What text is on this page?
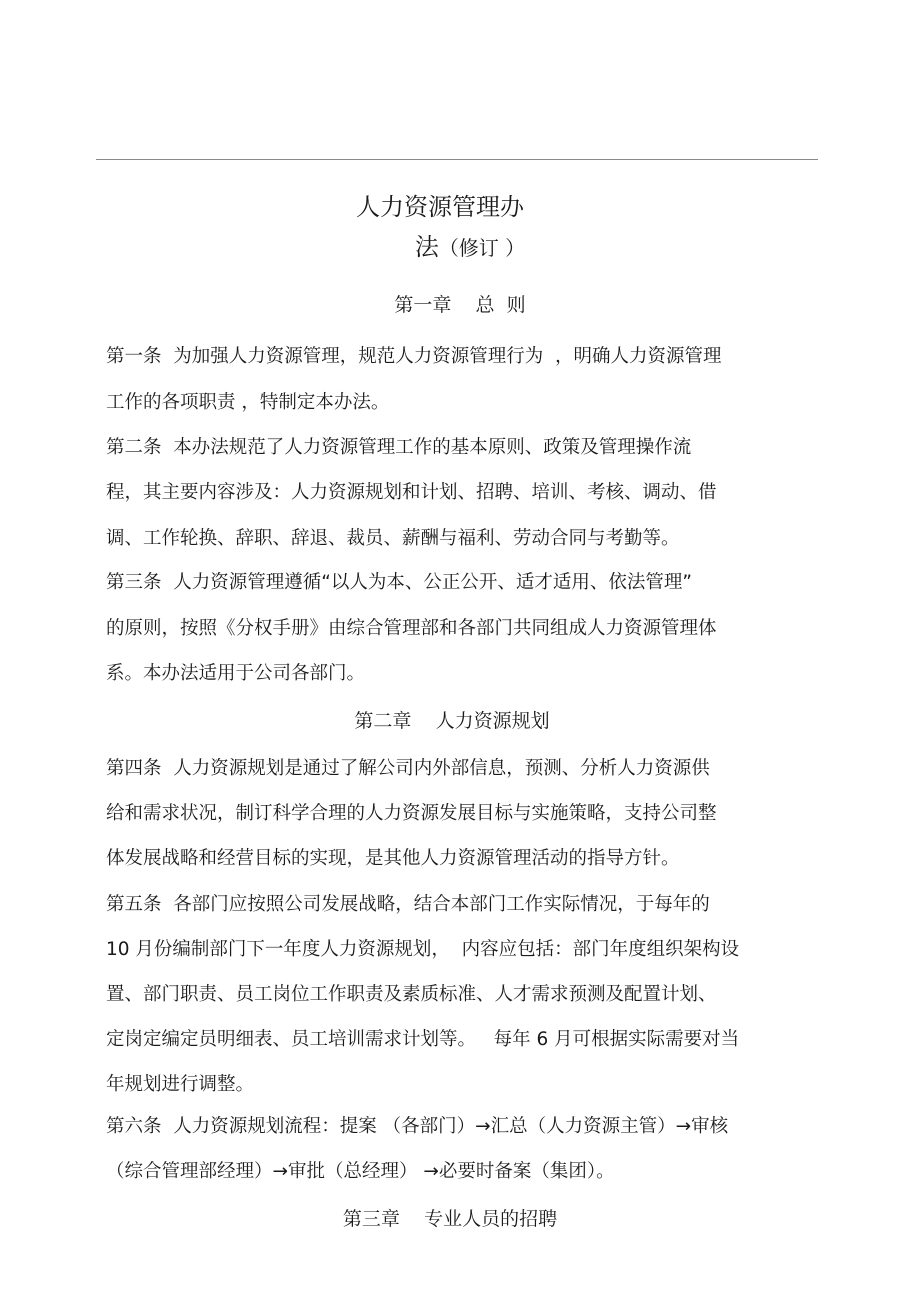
人力资源管理办
法（修订 ）
第一章    总  则
第一条  为加强人力资源管理，规范人力资源管理行为  ，明确人力资源管理
工作的各项职责 ，特制定本办法。
第二条  本办法规范了人力资源管理工作的基本原则、政策及管理操作流
程，其主要内容涉及：人力资源规划和计划、招聘、培训、考核、调动、借
调、工作轮换、辞职、辞退、裁员、薪酬与福利、劳动合同与考勤等。
第三条  人力资源管理遵循“以人为本、公正公开、适才适用、依法管理”
的原则，按照《分权手册》由综合管理部和各部门共同组成人力资源管理体
系。本办法适用于公司各部门。
第二章    人力资源规划
第四条  人力资源规划是通过了解公司内外部信息，预测、分析人力资源供
给和需求状况，制订科学合理的人力资源发展目标与实施策略，支持公司整
体发展战略和经营目标的实现，是其他人力资源管理活动的指导方针。
第五条  各部门应按照公司发展战略，结合本部门工作实际情况，于每年的
10 月份编制部门下一年度人力资源规划，  内容应包括：部门年度组织架构设
置、部门职责、员工岗位工作职责及素质标准、人才需求预测及配置计划、
定岗定编定员明细表、员工培训需求计划等。   每年 6 月可根据实际需要对当
年规划进行调整。
第六条  人力资源规划流程：提案 （各部门）→汇总（人力资源主管）→审核
（综合管理部经理）→审批（总经理） →必要时备案（集团）。
第三章    专业人员的招聘
